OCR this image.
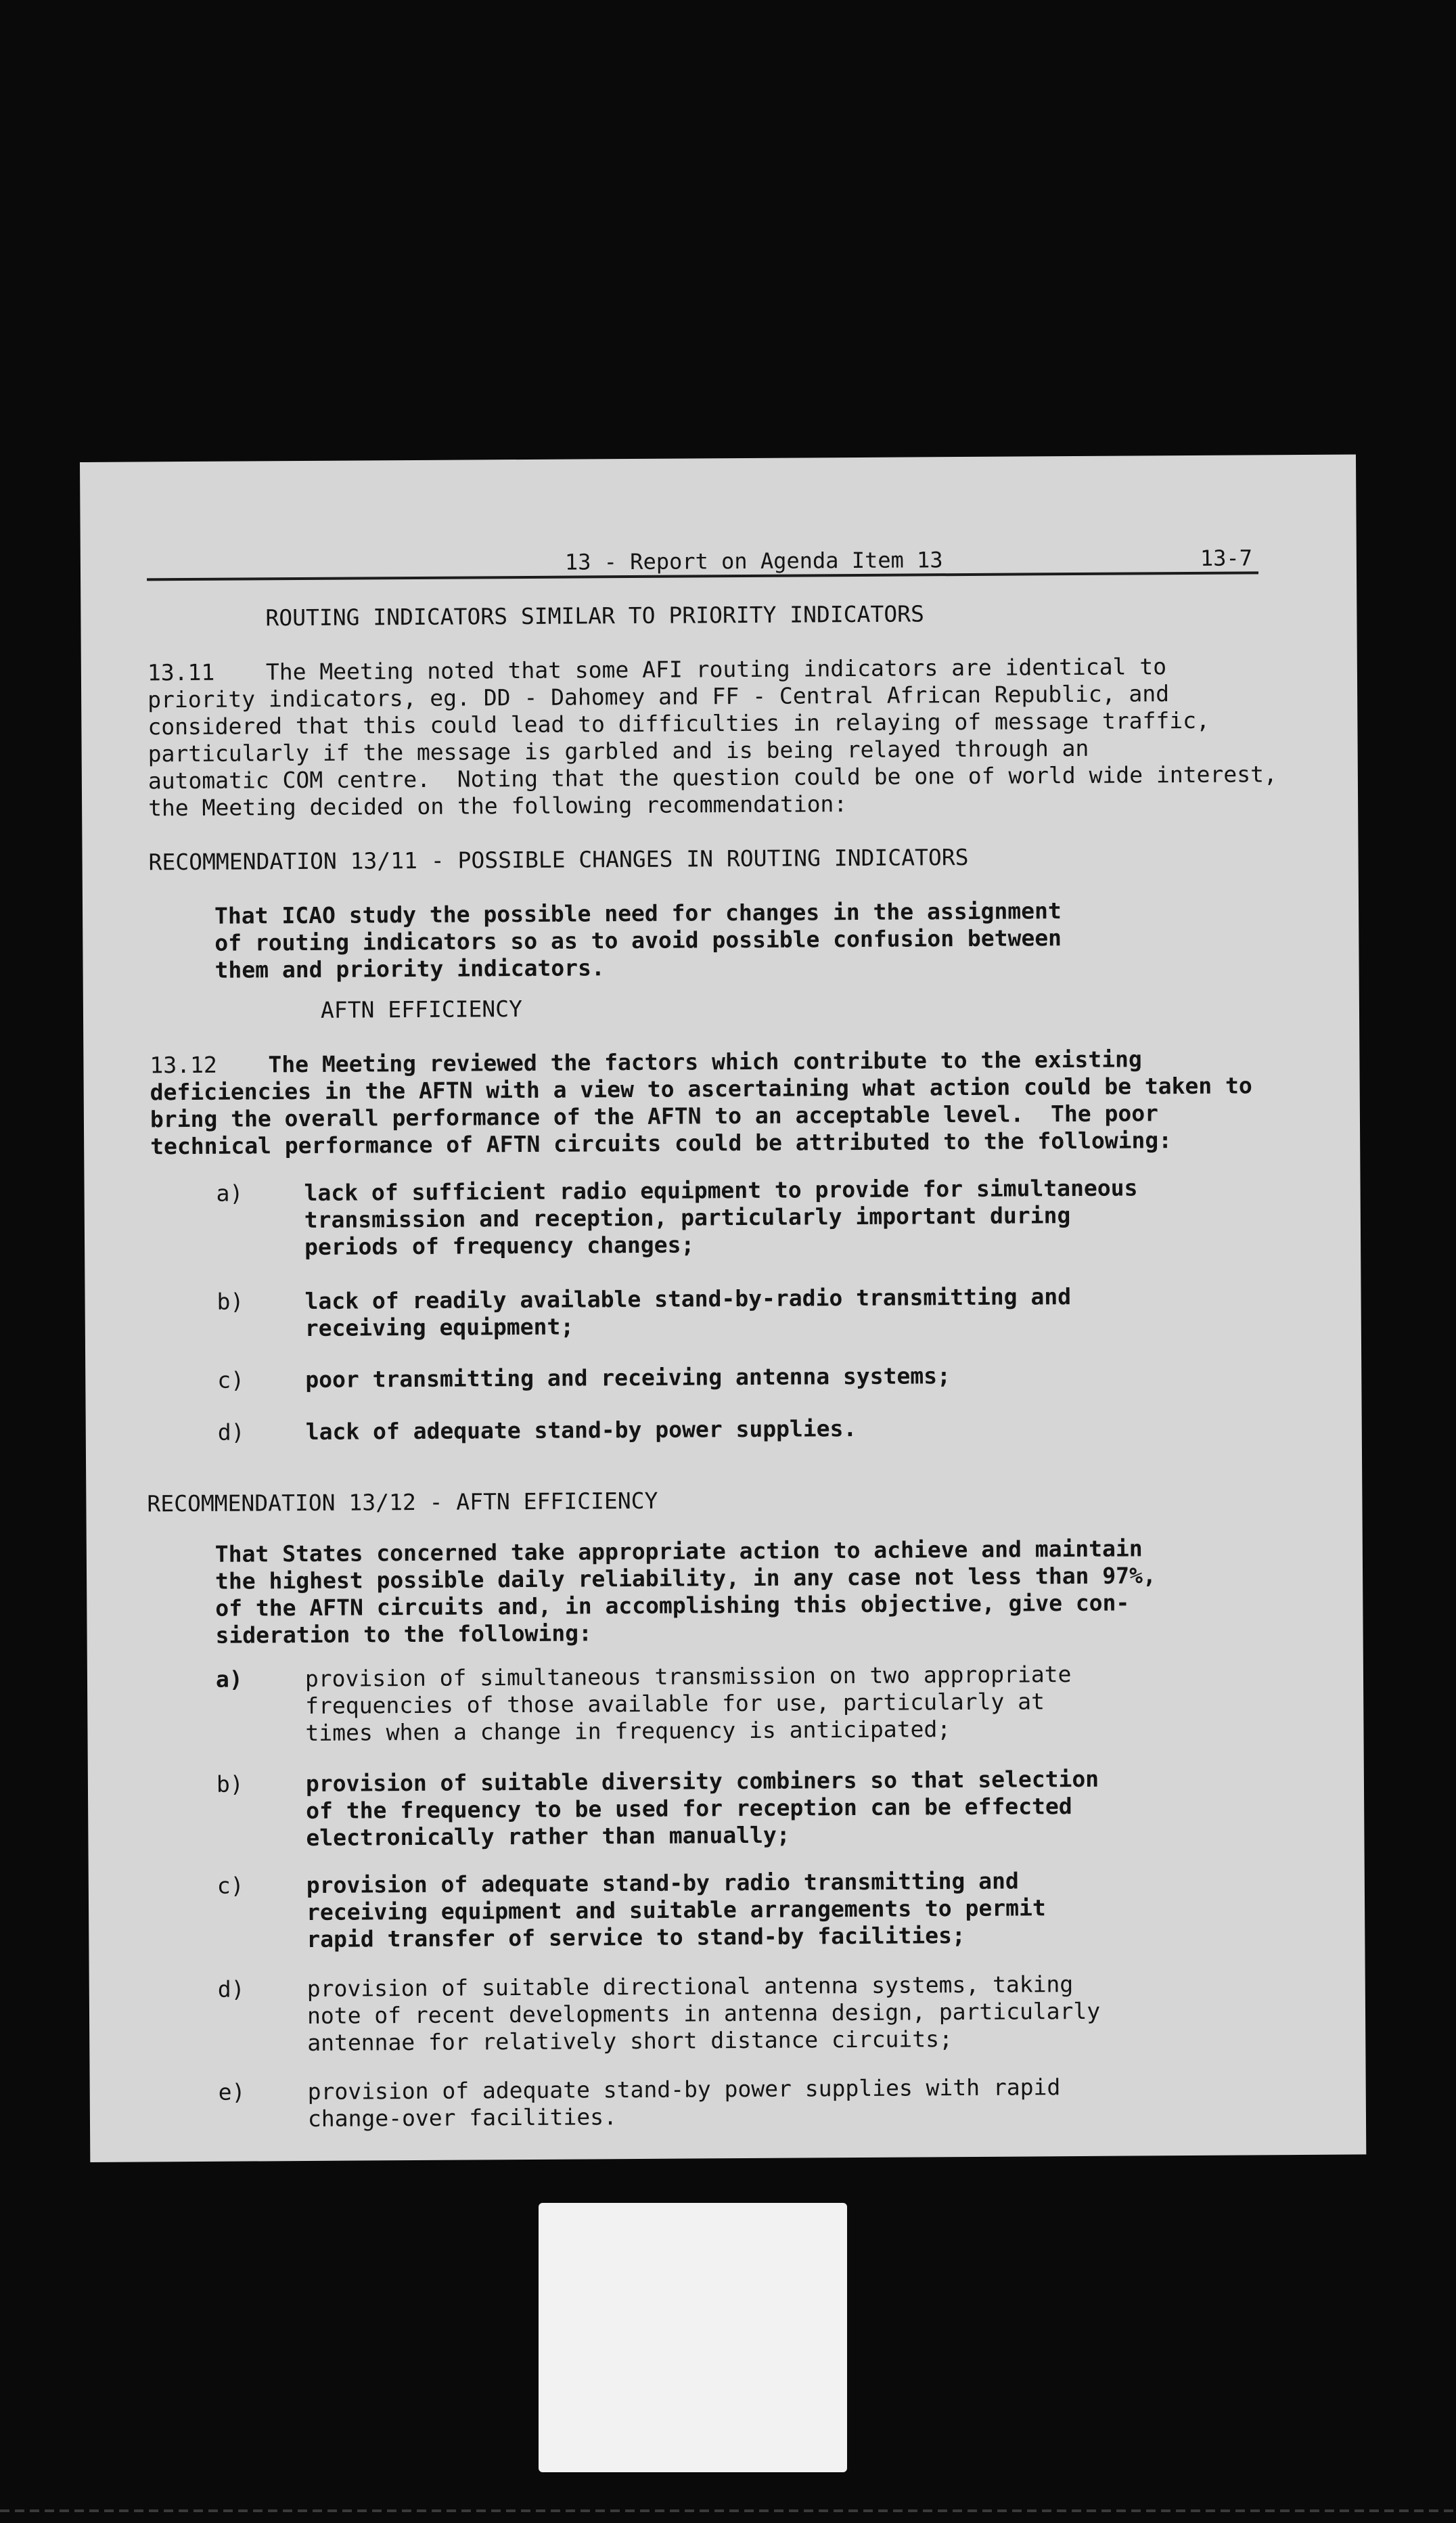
13 - Report on Agenda Item 13	13-7
ROUTING INDICATORS SIMILAR TO PRIORITY INDICATORS
13.11 The Meeting noted that some AFI routing indicators are identical to
priority indicators, eg. DD - Dahomey and FF - Central African Republic, and
considered that this could lead to difficulties in relaying of message traffic,
particularly if the message is garbled and is being relayed through an
automatic COM centre.  Noting that the question could be one of world wide interest,
the Meeting decided on the following recommendation:
RECOMMENDATION 13/11 - POSSIBLE CHANGES IN ROUTING INDICATORS
That ICAO study the possible need for changes in the assignment
of routing indicators so as to avoid possible confusion between
them and priority indicators.
AFTN EFFICIENCY
13.12 The Meeting reviewed the factors which contribute to the existing
deficiencies in the AFTN with a view to ascertaining what action could be taken to
bring the overall performance of the AFTN to an acceptable level.  The poor
technical performance of AFTN circuits could be attributed to the following:
a)	lack of sufficient radio equipment to provide for simultaneous
transmission and reception, particularly important during
periods of frequency changes;
b)	lack of readily available stand-by-radio transmitting and
receiving equipment;
c)	poor transmitting and receiving antenna systems;
d)	lack of adequate stand-by power supplies.
RECOMMENDATION 13/12 - AFTN EFFICIENCY
That States concerned take appropriate action to achieve and maintain
the highest possible daily reliability, in any case not less than 97%,
of the AFTN circuits and, in accomplishing this objective, give con-
sideration to the following:
a)	provision of simultaneous transmission on two appropriate
frequencies of those available for use, particularly at
times when a change in frequency is anticipated;
b)	provision of suitable diversity combiners so that selection
of the frequency to be used for reception can be effected
electronically rather than manually;
c)	provision of adequate stand-by radio transmitting and
receiving equipment and suitable arrangements to permit
rapid transfer of service to stand-by facilities;
d)	provision of suitable directional antenna systems, taking
note of recent developments in antenna design, particularly
antennae for relatively short distance circuits;
e)	provision of adequate stand-by power supplies with rapid
change-over facilities.
